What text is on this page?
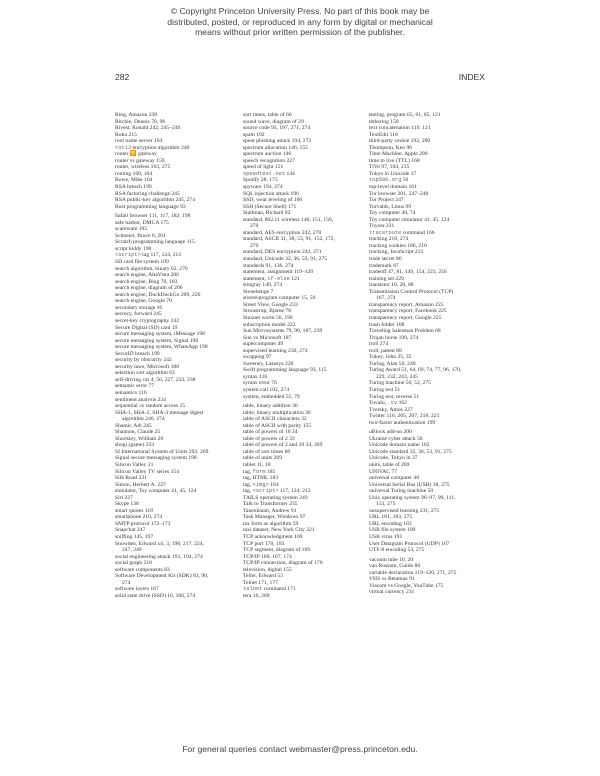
© Copyright Princeton University Press. No part of this book may be
distributed, posted, or reproduced in any form by digital or mechanical
means without prior written permission of the publisher.
282	INDEX
Ring, Amazon 238
Ritchie, Dennis 78, 96
Rivest, Ronald 242, 245–246
Roku 215
root name server 163
rot13 encryption algorithm 240
router 🛜 gateway
router vs gateway 159
router, wireless 163, 275
routing 160, 164
Rowe, Mike 164
RSA breach 199
RSA factoring challenge 245
RSA public-key algorithm 245, 274
Rust programming language 93
Safari browser 111, 117, 182, 198
safe harbor, DMCA 175
scareware 195
Schneier, Bruce 6, 201
Scratch programming language 115
script kiddy 190
<script> tag 117, 124, 213
SD card file system 109
search algorithm, binary 62, 270
search engine, AltaVista 206
search engine, Bing 70, 183
search engine, diagram of 206
search engine, DuckDuckGo 209, 220
search engine, Google 70
secondary storage 16
secrecy, forward 245
secret-key cryptography 242
Secure Digital (SD) card 19
secure messaging system, iMessage 198
secure messaging system, Signal 198
secure messaging system, WhatsApp 198
SecurID breach 199
security by obscurity 242
security laws, Microsoft 188
selection sort algorithm 63
self-driving car 4, 56, 227, 233, 238
semantic error 77
semantics 116
sentiment analysis 234
sequential vs random access 15
SHA-1, SHA-2, SHA-3 message digest
algorithm 246, 274
Shamir, Adi 245
Shannon, Claude 25
Shockley, William 20
shogi (game) 233
SI International System of Units 203, 269
Signal secure messaging system 198
Silicon Valley 21
Silicon Valley TV series 154
Silk Road 231
Simon, Herbert A. 227
simulator, Toy computer 41, 45, 124
Siri 227
Skype 138
smart quotes 118
smartphone 210, 274
SMTP protocol 172–173
Snapchat 247
sniffing 145, 197
Snowden, Edward xii, 3, 198, 217, 224,
247, 249
social engineering attack 191, 194, 274
social graph 218
software components 83
Software Development Kit (SDK) 83, 90,
274
software layers 167
solid state drive (SSD) 16, 106, 274
sort times, table of 66
sound wave, diagram of 29
source code 93, 187, 271, 274
spam 192
spear phishing attack 194, 273
spectrum allocation 146, 155
spectrum auction 146
speech recognition 227
speed of light 151
speedtest.net 144
Spotify 28, 175
spyware 194, 274
SQL injection attack 196
SSD, wear leveling of 106
SSH (Secure Shell) 171
Stallman, Richard 92
standard, 802.11 wireless 146, 151, 156,
270
standard, AES encryption 242, 270
standard, ASCII 31, 38, 53, 91, 152, 172,
270
standard, DES encryption 242, 271
standard, Unicode 32, 36, 53, 91, 275
standards 91, 136, 274
statement, assignment 119–120
statement, if-else 121
stingray 149, 274
Stonehenge 7
stored-program computer 15, 50
Street View, Google 233
Stroustrup, Bjarne 78
Stuxnet worm 56, 190
subscription model 222
Sun Microsystems 79, 90, 187, 239
Sun vs Microsoft 187
supercomputer 49
supervised learning 230, 274
swapping 97
Sweeney, Latanya 220
Swift programming language 93, 115
syntax 116
syntax error 76
system call 102, 274
system, embedded 55, 79
table, binary addition 36
table, binary multiplication 36
table of ASCII characters 32
table of ASCII with parity 155
table of powers of 10 34
table of powers of 2 33
table of powers of 2 and 10 34, 269
table of sort times 66
table of units 269
tablet 11, 18
tag, form 185
tag, HTML 183
tag, <img> 184
tag, <script> 117, 124, 213
TAILS operating system 249
Talk to Transformer 235
Tanenbaum, Andrew 91
Task Manager, Windows 97
tax form as algorithm 59
taxi dataset, New York City 221
TCP acknowledgment 169
TCP port 170, 183
TCP segment, diagram of 169
TCP/IP 160, 167, 174
TCP/IP connection, diagram of 170
television, digital 155
Teller, Edward 53
Telnet 171, 177
telnet command 171
tera 16, 269
testing, program 65, 61, 85, 121
tethering 150
text concatenation 119, 121
TextEdit 118
third-party cookie 192, 200
Thompson, Ken 96
Time Machine, Apple 200
time to live (TTL) 168
TiVo 97, 104, 215
Tokyo in Unicode 37
top500.org 50
top-level domain 161
Tor browser 201, 247–248
Tor Project 247
Torvalds, Linus 99
Toy computer 40, 74
Toy computer simulator 41, 45, 124
Toyota 231
traceroute command 166
tracking 210, 274
tracking cookies 186, 210
tracking, JavaScript 213
trade secret 86
trademark 87
tradeoff 47, 81, 149, 154, 223, 256
training set 229
transistor 10, 20, 88
Transmission Control Protocol (TCP)
167, 274
transparency report, Amazon 225
transparency report, Facebook 225
transparency report, Google 225
trash folder 108
Traveling Salesman Problem 68
Trojan horse 190, 274
troll 274
troll, patent 88
Tukey, John 25, 35
Turing, Alan 50, 240
Turing Award 51, 64, 69, 74, 77, 96, 170,
229, 232, 243, 245
Turing machine 50, 52, 275
Turing test 51
Turing test, reverse 51
Tuvalu, .tv 162
Tversky, Amos 227
Twitter 116, 205, 207, 218, 221
two-factor authentication 199
uBlock add-on 200
Ukraine cyber attack 56
Unicode domain name 162
Unicode standard 32, 36, 53, 91, 275
Unicode, Tokyo in 37
units, table of 269
UNIVAC 77
universal computer 48
Universal Serial Bus (USB) 18, 275
universal Turing machine 50
Unix operating system 96–97, 99, 111,
113, 275
unsupervised learning 231, 275
URL 181, 183, 275
URL encoding 183
USB file system 109
USB virus 191
User Datagram Protocol (UDP) 167
UTF-8 encoding 53, 275
vacuum tube 10, 20
van Rossum, Guido 80
variable declaration 119–120, 271, 275
VHS vs Betamax 91
Viacom vs Google, YouTube 175
virtual currency 231
For general queries contact webmaster@press.princeton.edu.
